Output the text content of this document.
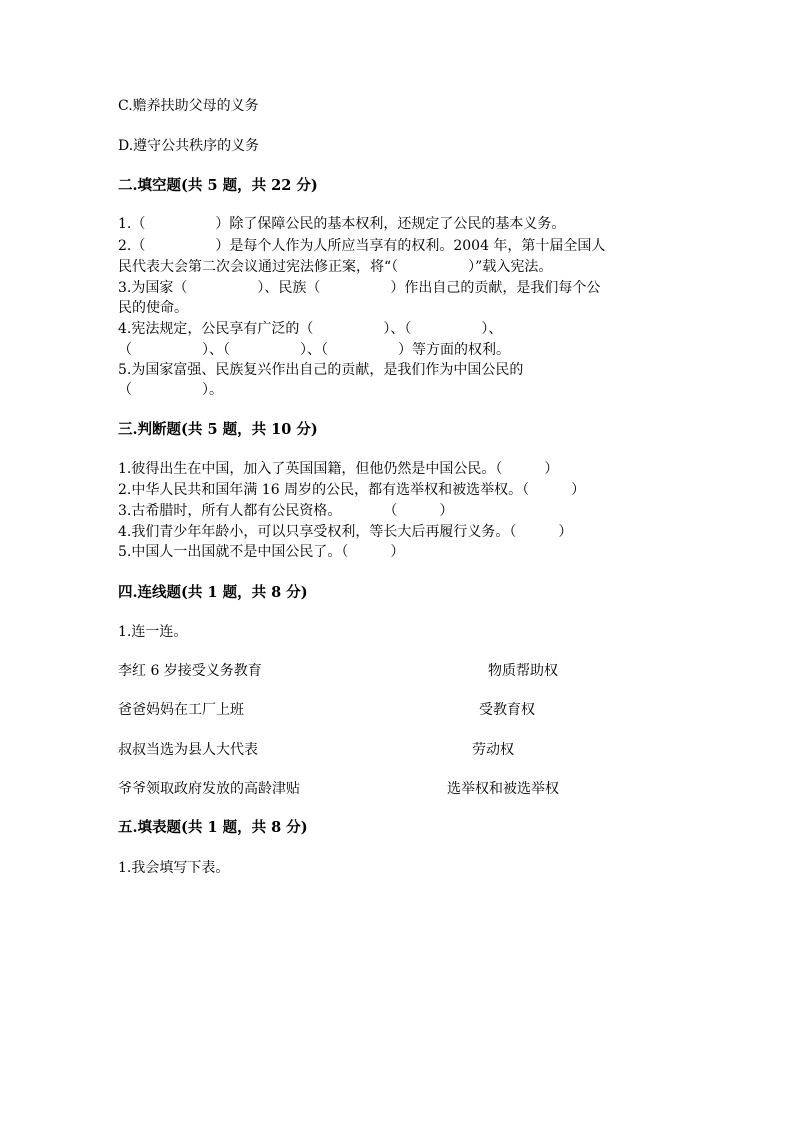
C.赡养扶助父母的义务
D.遵守公共秩序的义务
二.填空题(共 5 题，共 22 分)
1.（　　　　　）除了保障公民的基本权利，还规定了公民的基本义务。
2.（　　　　　）是每个人作为人所应当享有的权利。2004 年，第十届全国人
民代表大会第二次会议通过宪法修正案，将“（　　　　　）”载入宪法。
3.为国家（　　　　　）、民族（　　　　　）作出自己的贡献，是我们每个公
民的使命。
4.宪法规定，公民享有广泛的（　　　　　）、（　　　　　）、
（　　　　　）、（　　　　　）、（　　　　　）等方面的权利。
5.为国家富强、民族复兴作出自己的贡献，是我们作为中国公民的
（　　　　　）。
三.判断题(共 5 题，共 10 分)
1.彼得出生在中国，加入了英国国籍，但他仍然是中国公民。（　　　）
2.中华人民共和国年满 16 周岁的公民，都有选举权和被选举权。（　　　）
3.古希腊时，所有人都有公民资格。　　　　（　　　）
4.我们青少年年龄小，可以只享受权利，等长大后再履行义务。（　　　）
5.中国人一出国就不是中国公民了。（　　　）
四.连线题(共 1 题，共 8 分)
1.连一连。
李红 6 岁接受义务教育	物质帮助权
爸爸妈妈在工厂上班	受教育权
叔叔当选为县人大代表	劳动权
爷爷领取政府发放的高龄津贴	选举权和被选举权
五.填表题(共 1 题，共 8 分)
1.我会填写下表。
